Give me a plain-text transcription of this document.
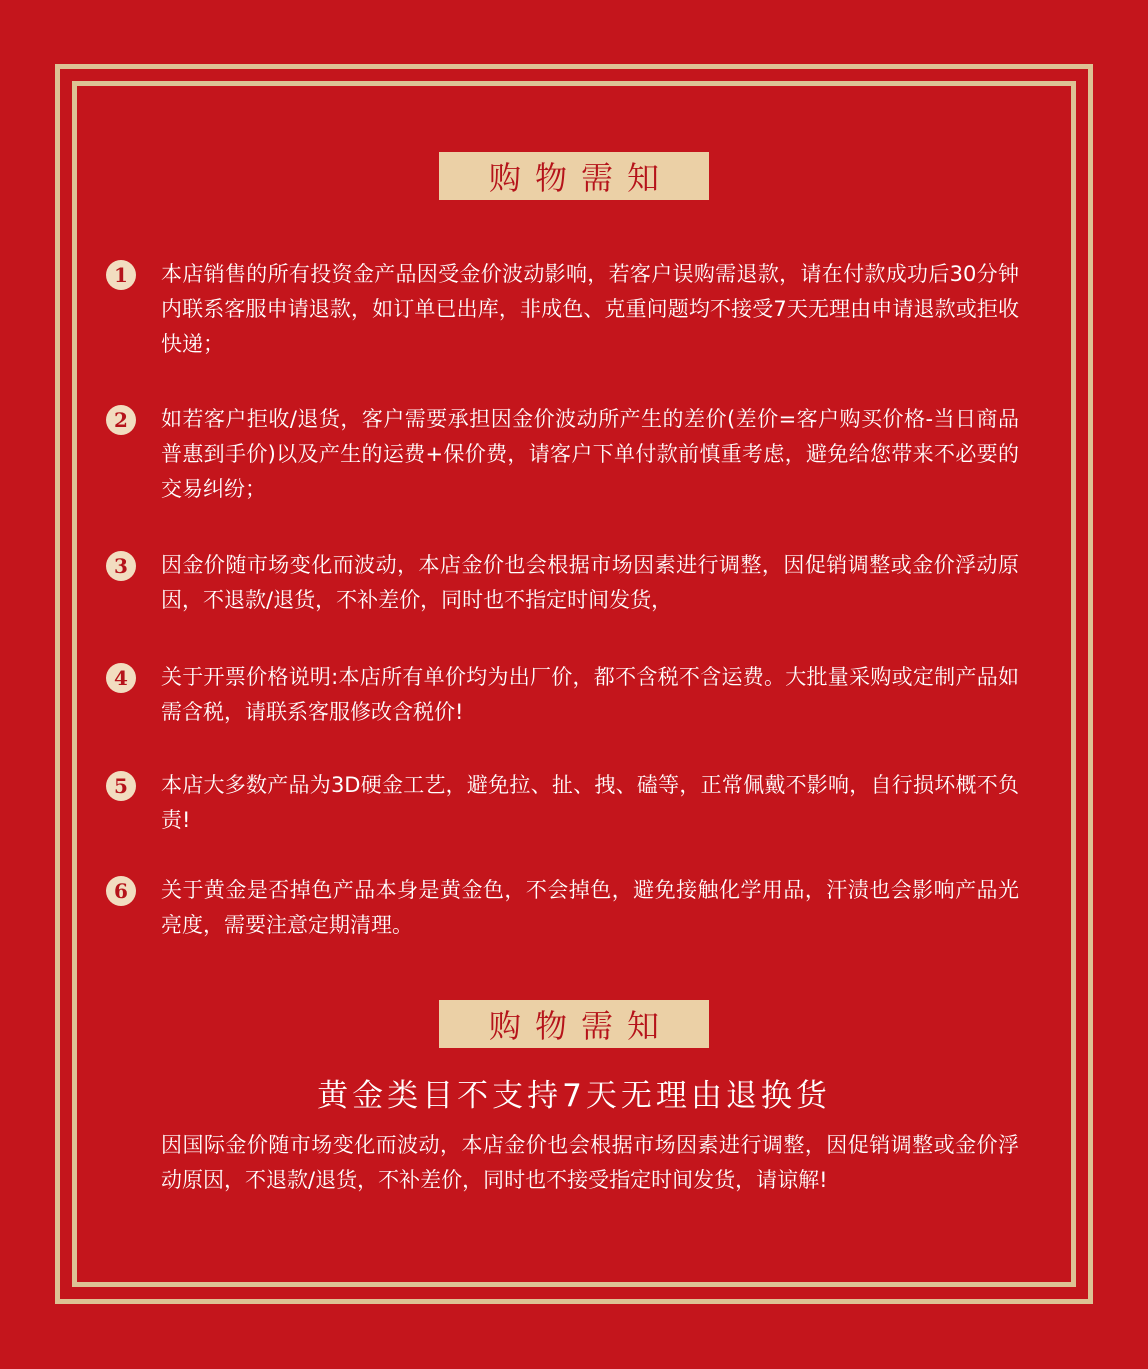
购物需知
1	本店销售的所有投资金产品因受金价波动影响，若客户误购需退款，请在付款成功后30分钟内联系客服申请退款，如订单已出库，非成色、克重问题均不接受7天无理由申请退款或拒收快递；

2	如若客户拒收/退货，客户需要承担因金价波动所产生的差价(差价=客户购买价格-当日商品普惠到手价)以及产生的运费+保价费，请客户下单付款前慎重考虑，避免给您带来不必要的交易纠纷；

3	因金价随市场变化而波动，本店金价也会根据市场因素进行调整，因促销调整或金价浮动原因，不退款/退货，不补差价，同时也不指定时间发货，

4	关于开票价格说明:本店所有单价均为出厂价，都不含税不含运费。大批量采购或定制产品如需含税，请联系客服修改含税价!

5	本店大多数产品为3D硬金工艺，避免拉、扯、拽、磕等，正常佩戴不影响，自行损坏概不负责!

6	关于黄金是否掉色产品本身是黄金色，不会掉色，避免接触化学用品，汗渍也会影响产品光亮度，需要注意定期清理。

购物需知
黄金类目不支持7天无理由退换货

因国际金价随市场变化而波动，本店金价也会根据市场因素进行调整，因促销调整或金价浮动原因，不退款/退货，不补差价，同时也不接受指定时间发货，请谅解!
